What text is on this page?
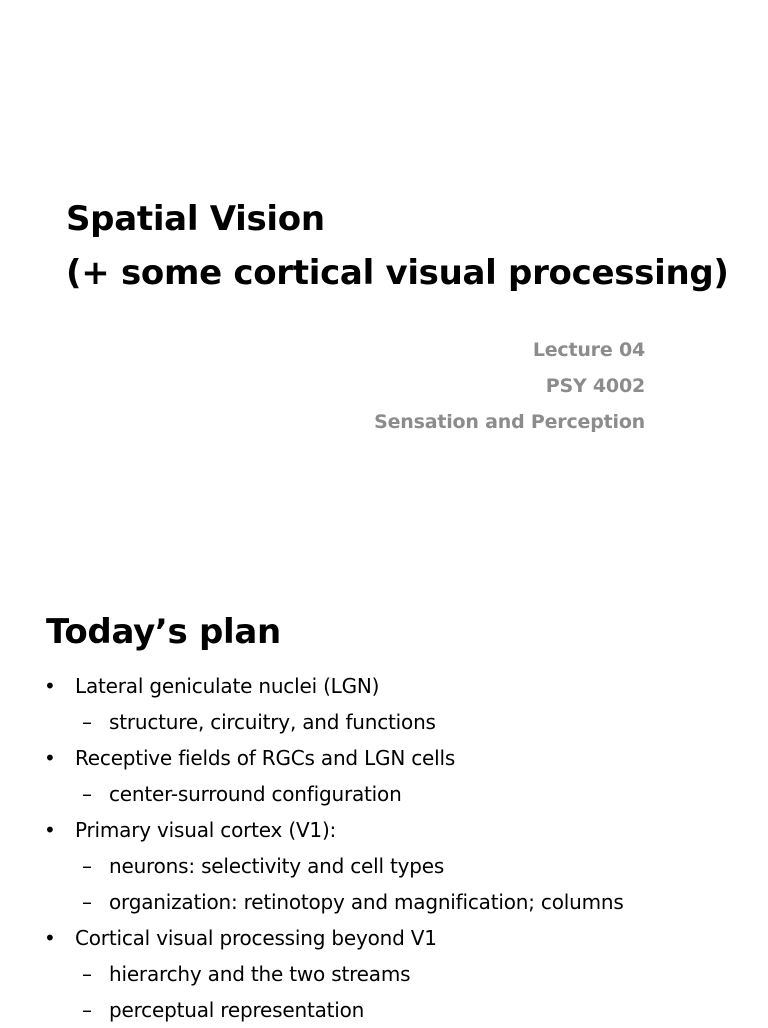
Spatial Vision
(+ some cortical visual processing)
Lecture 04
PSY 4002
Sensation and Perception
Today’s plan
• Lateral geniculate nuclei (LGN)
– structure, circuitry, and functions
• Receptive fields of RGCs and LGN cells
– center-surround configuration
• Primary visual cortex (V1):
– neurons: selectivity and cell types
– organization: retinotopy and magnification; columns
• Cortical visual processing beyond V1
– hierarchy and the two streams
– perceptual representation
